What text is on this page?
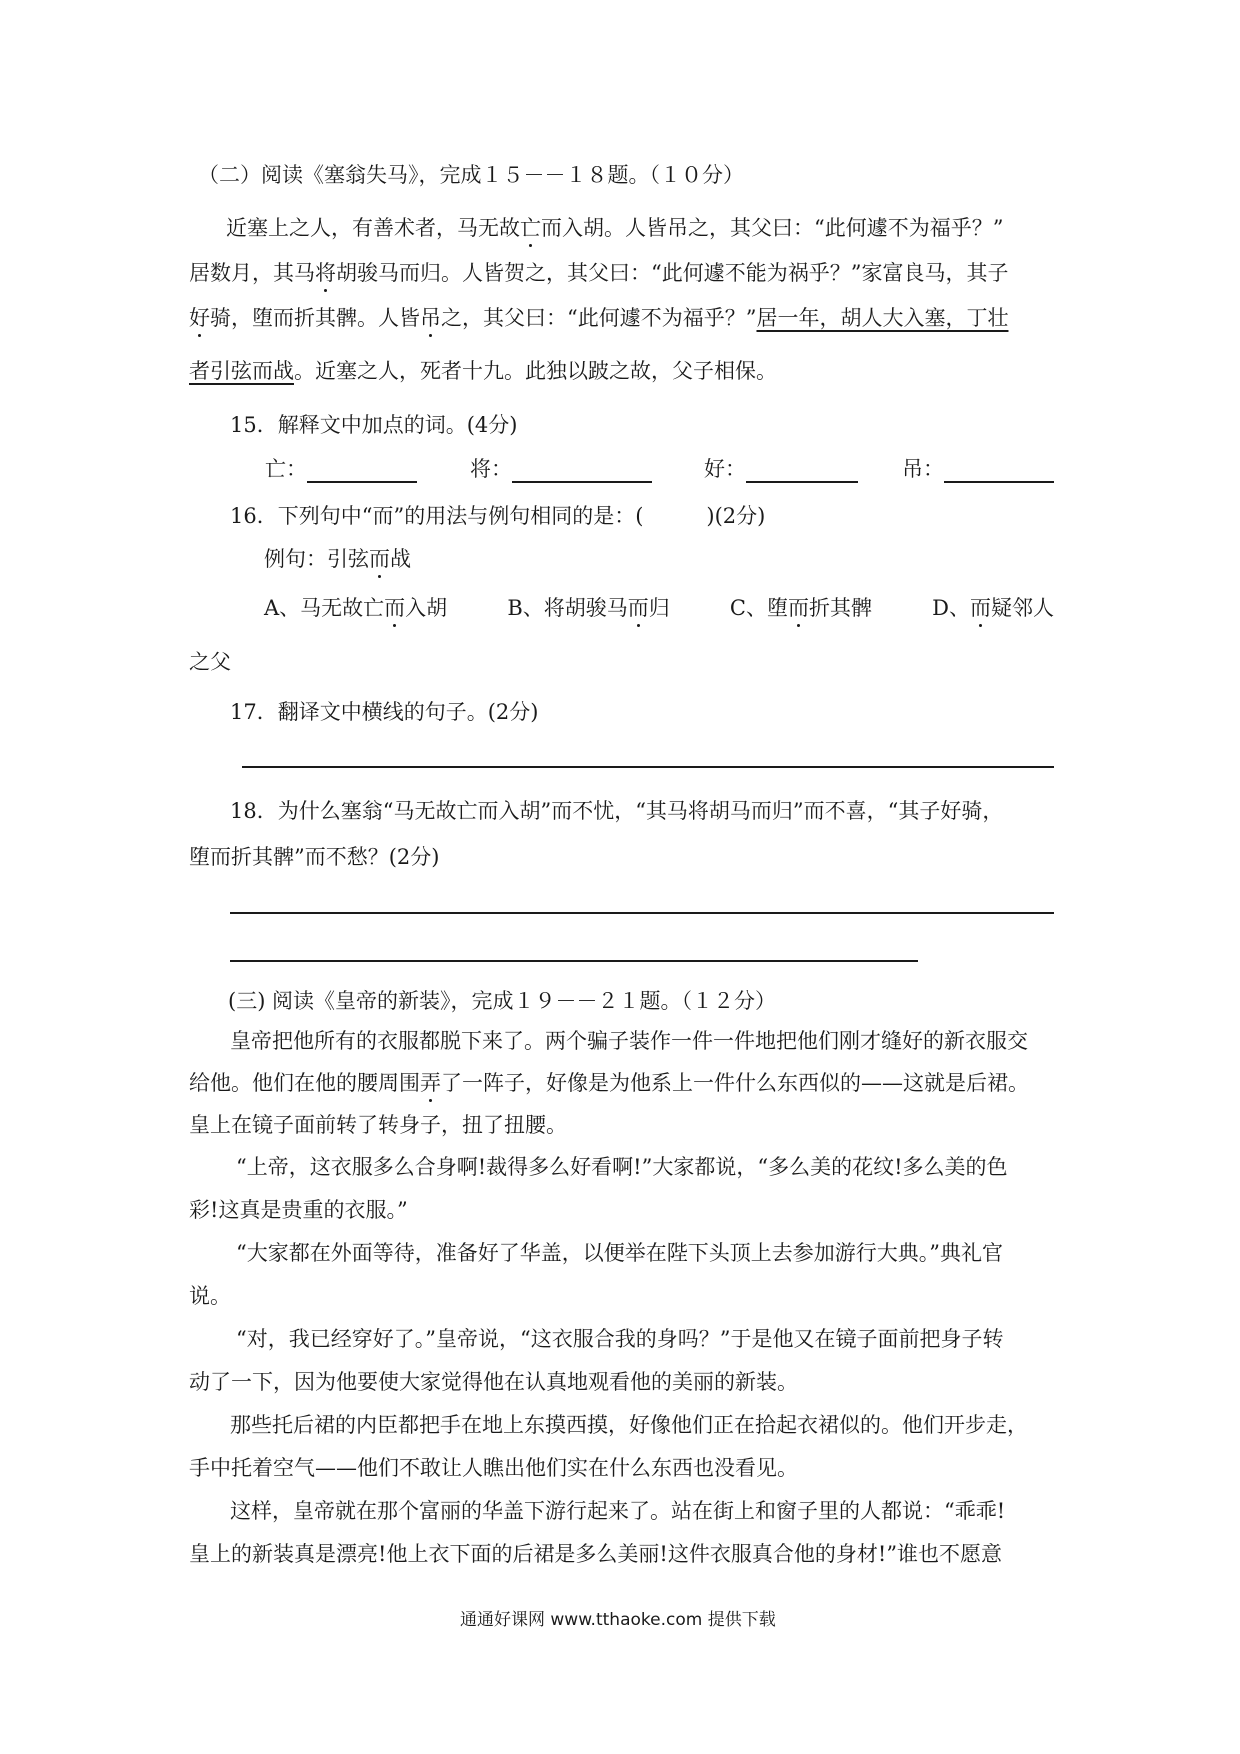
（二）阅读《塞翁失马》，完成１５－－１８题。（１０分）
近塞上之人，有善术者，马无故亡而入胡。人皆吊之，其父曰：“此何遽不为福乎？”
居数月，其马将胡骏马而归。人皆贺之，其父曰：“此何遽不能为祸乎？”家富良马，其子
好骑，堕而折其髀。人皆吊之，其父曰：“此何遽不为福乎？”居一年，胡人大入塞，丁壮
者引弦而战。近塞之人，死者十九。此独以跛之故，父子相保。
15．解释文中加点的词。(4分)
亡：	将：	好：	吊：
16．下列句中“而”的用法与例句相同的是：(　　　)(2分)
例句：引弦而战
A、马无故亡而入胡	B、将胡骏马而归	C、堕而折其髀	D、而疑邻人
之父
17．翻译文中横线的句子。(2分)
18．为什么塞翁“马无故亡而入胡”而不忧，“其马将胡马而归”而不喜，“其子好骑，
堕而折其髀”而不愁？(2分)
(三) 阅读《皇帝的新装》，完成１９－－２１题。（１２分）
皇帝把他所有的衣服都脱下来了。两个骗子装作一件一件地把他们刚才缝好的新衣服交
给他。他们在他的腰周围弄了一阵子，好像是为他系上一件什么东西似的——这就是后裙。
皇上在镜子面前转了转身子，扭了扭腰。
“上帝，这衣服多么合身啊!裁得多么好看啊!”大家都说，“多么美的花纹!多么美的色
彩!这真是贵重的衣服。”
“大家都在外面等待，准备好了华盖，以便举在陛下头顶上去参加游行大典。”典礼官
说。
“对，我已经穿好了。”皇帝说，“这衣服合我的身吗？”于是他又在镜子面前把身子转
动了一下，因为他要使大家觉得他在认真地观看他的美丽的新装。
那些托后裙的内臣都把手在地上东摸西摸，好像他们正在拾起衣裙似的。他们开步走，
手中托着空气——他们不敢让人瞧出他们实在什么东西也没看见。
这样，皇帝就在那个富丽的华盖下游行起来了。站在街上和窗子里的人都说：“乖乖!
皇上的新装真是漂亮!他上衣下面的后裙是多么美丽!这件衣服真合他的身材!”谁也不愿意
通通好课网 www.tthaoke.com 提供下载
